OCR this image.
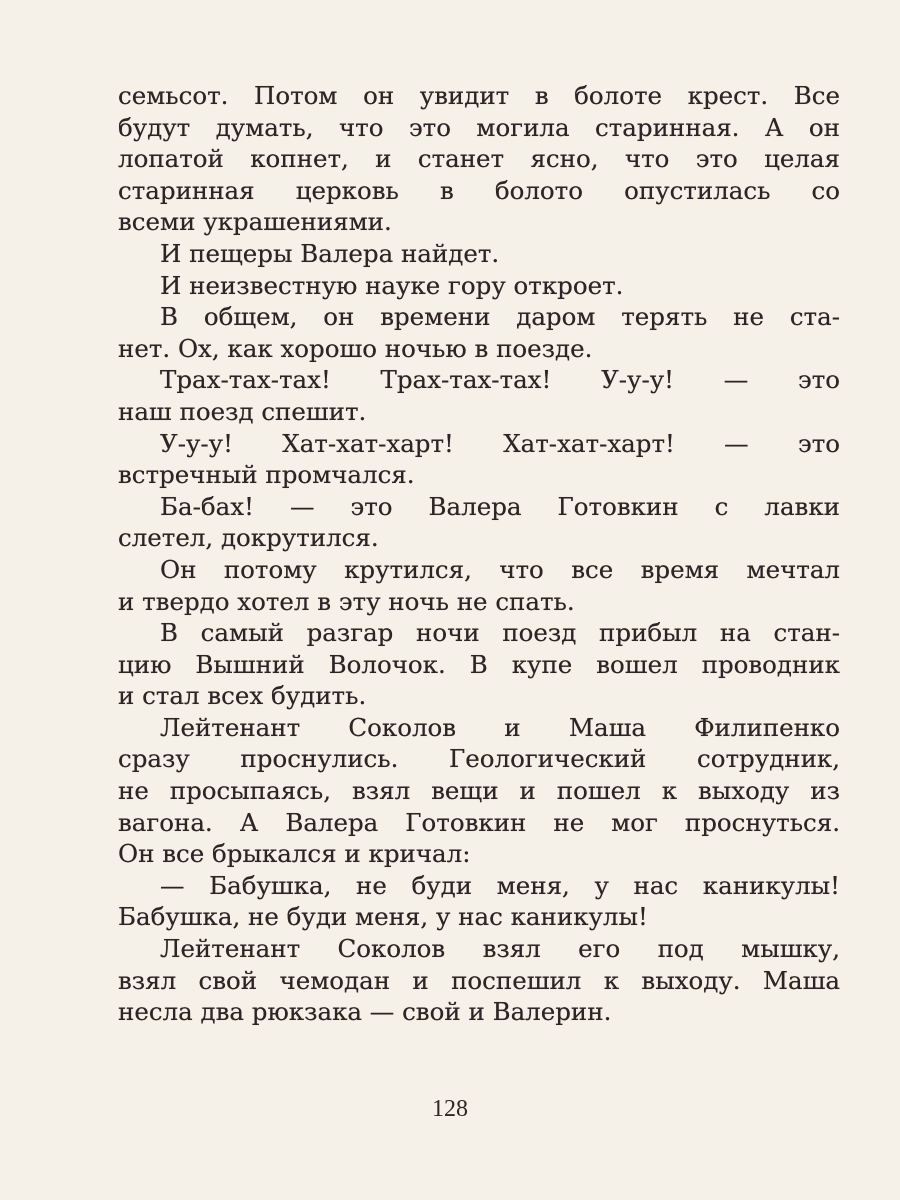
семьсот. Потом он увидит в болоте крест. Все
будут думать, что это могила старинная. А он
лопатой копнет, и станет ясно, что это целая
старинная церковь в болото опустилась со
всеми украшениями.
И пещеры Валера найдет.
И неизвестную науке гору откроет.
В общем, он времени даром терять не ста-
нет. Ох, как хорошо ночью в поезде.
Трах-тах-тах! Трах-тах-тах! У-у-у! — это
наш поезд спешит.
У-у-у! Хат-хат-харт! Хат-хат-харт! — это
встречный промчался.
Ба-бах! — это Валера Готовкин с лавки
слетел, докрутился.
Он потому крутился, что все время мечтал
и твердо хотел в эту ночь не спать.
В самый разгар ночи поезд прибыл на стан-
цию Вышний Волочок. В купе вошел проводник
и стал всех будить.
Лейтенант Соколов и Маша Филипенко
сразу проснулись. Геологический сотрудник,
не просыпаясь, взял вещи и пошел к выходу из
вагона. А Валера Готовкин не мог проснуться.
Он все брыкался и кричал:
— Бабушка, не буди меня, у нас каникулы!
Бабушка, не буди меня, у нас каникулы!
Лейтенант Соколов взял его под мышку,
взял свой чемодан и поспешил к выходу. Маша
несла два рюкзака — свой и Валерин.
128
